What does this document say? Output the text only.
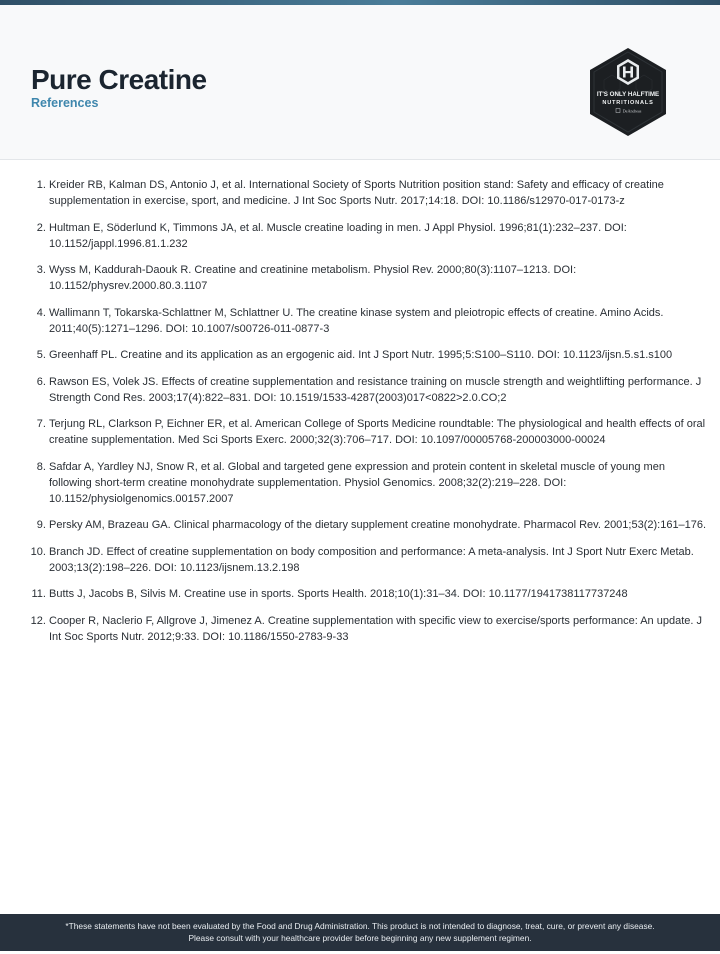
Pure Creatine
References
IT'S ONLY HALFTIME
NUTRITIONALS
DeAndreas
1. Kreider RB, Kalman DS, Antonio J, et al. International Society of Sports Nutrition position stand: Safety and efficacy of creatine supplementation in exercise, sport, and medicine. J Int Soc Sports Nutr. 2017;14:18. DOI: 10.1186/s12970-017-0173-z
2. Hultman E, Söderlund K, Timmons JA, et al. Muscle creatine loading in men. J Appl Physiol. 1996;81(1):232–237. DOI: 10.1152/jappl.1996.81.1.232
3. Wyss M, Kaddurah-Daouk R. Creatine and creatinine metabolism. Physiol Rev. 2000;80(3):1107–1213. DOI: 10.1152/physrev.2000.80.3.1107
4. Wallimann T, Tokarska-Schlattner M, Schlattner U. The creatine kinase system and pleiotropic effects of creatine. Amino Acids. 2011;40(5):1271–1296. DOI: 10.1007/s00726-011-0877-3
5. Greenhaff PL. Creatine and its application as an ergogenic aid. Int J Sport Nutr. 1995;5:S100–S110. DOI: 10.1123/ijsn.5.s1.s100
6. Rawson ES, Volek JS. Effects of creatine supplementation and resistance training on muscle strength and weightlifting performance. J Strength Cond Res. 2003;17(4):822–831. DOI: 10.1519/1533-4287(2003)017<0822>2.0.CO;2
7. Terjung RL, Clarkson P, Eichner ER, et al. American College of Sports Medicine roundtable: The physiological and health effects of oral creatine supplementation. Med Sci Sports Exerc. 2000;32(3):706–717. DOI: 10.1097/00005768-200003000-00024
8. Safdar A, Yardley NJ, Snow R, et al. Global and targeted gene expression and protein content in skeletal muscle of young men following short-term creatine monohydrate supplementation. Physiol Genomics. 2008;32(2):219–228. DOI: 10.1152/physiolgenomics.00157.2007
9. Persky AM, Brazeau GA. Clinical pharmacology of the dietary supplement creatine monohydrate. Pharmacol Rev. 2001;53(2):161–176.
10. Branch JD. Effect of creatine supplementation on body composition and performance: A meta-analysis. Int J Sport Nutr Exerc Metab. 2003;13(2):198–226. DOI: 10.1123/ijsnem.13.2.198
11. Butts J, Jacobs B, Silvis M. Creatine use in sports. Sports Health. 2018;10(1):31–34. DOI: 10.1177/1941738117737248
12. Cooper R, Naclerio F, Allgrove J, Jimenez A. Creatine supplementation with specific view to exercise/sports performance: An update. J Int Soc Sports Nutr. 2012;9:33. DOI: 10.1186/1550-2783-9-33
*These statements have not been evaluated by the Food and Drug Administration. This product is not intended to diagnose, treat, cure, or prevent any disease.
Please consult with your healthcare provider before beginning any new supplement regimen.
